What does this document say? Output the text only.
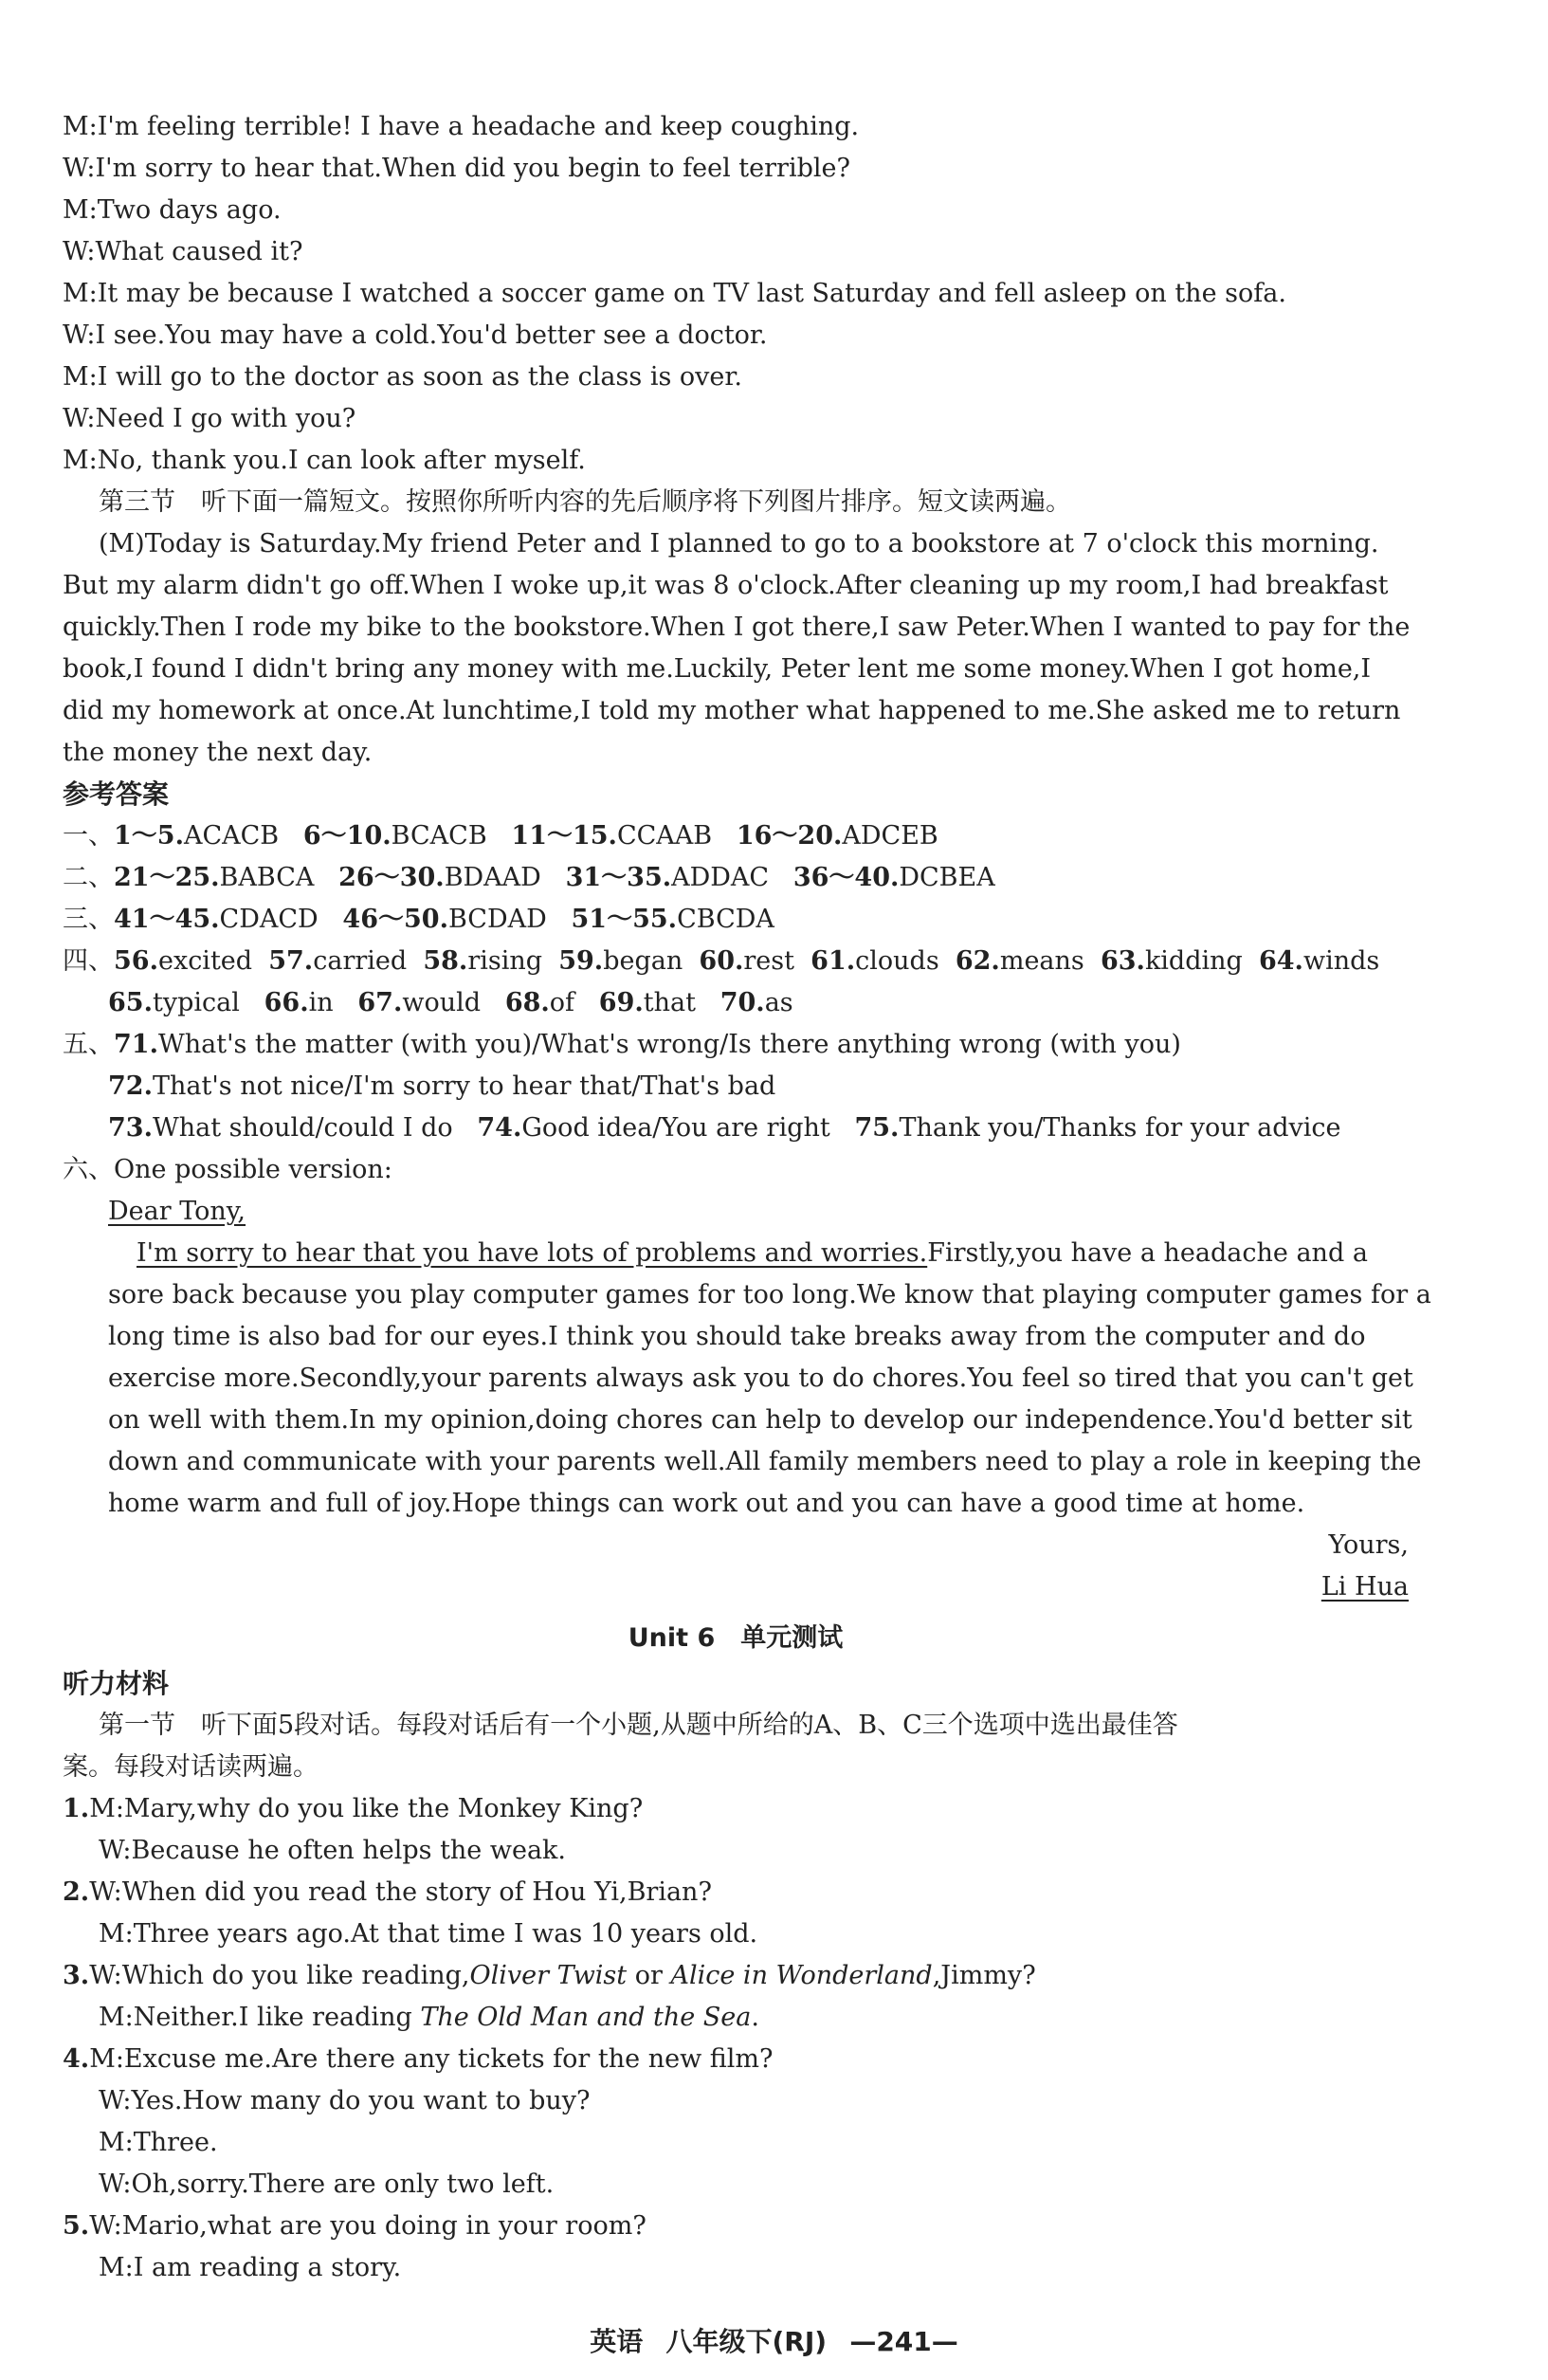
M:I'm feeling terrible! I have a headache and keep coughing.
W:I'm sorry to hear that.When did you begin to feel terrible?
M:Two days ago.
W:What caused it?
M:It may be because I watched a soccer game on TV last Saturday and fell asleep on the sofa.
W:I see.You may have a cold.You'd better see a doctor.
M:I will go to the doctor as soon as the class is over.
W:Need I go with you?
M:No, thank you.I can look after myself.
第三节　听下面一篇短文。按照你所听内容的先后顺序将下列图片排序。短文读两遍。
(M)Today is Saturday.My friend Peter and I planned to go to a bookstore at 7 o'clock this morning.
But my alarm didn't go off.When I woke up,it was 8 o'clock.After cleaning up my room,I had breakfast
quickly.Then I rode my bike to the bookstore.When I got there,I saw Peter.When I wanted to pay for the
book,I found I didn't bring any money with me.Luckily, Peter lent me some money.When I got home,I
did my homework at once.At lunchtime,I told my mother what happened to me.She asked me to return
the money the next day.
参考答案
一、1～5.ACACB 6～10.BCACB 11～15.CCAAB 16～20.ADCEB
二、21～25.BABCA 26～30.BDAAD 31～35.ADDAC 36～40.DCBEA
三、41～45.CDACD 46～50.BCDAD 51～55.CBCDA
四、56.excited 57.carried 58.rising 59.began 60.rest 61.clouds 62.means 63.kidding 64.winds
65.typical 66.in 67.would 68.of 69.that 70.as
五、71.What's the matter (with you)/What's wrong/Is there anything wrong (with you)
72.That's not nice/I'm sorry to hear that/That's bad
73.What should/could I do 74.Good idea/You are right 75.Thank you/Thanks for your advice
六、One possible version:
Dear Tony,
I'm sorry to hear that you have lots of problems and worries.Firstly,you have a headache and a
sore back because you play computer games for too long.We know that playing computer games for a
long time is also bad for our eyes.I think you should take breaks away from the computer and do
exercise more.Secondly,your parents always ask you to do chores.You feel so tired that you can't get
on well with them.In my opinion,doing chores can help to develop our independence.You'd better sit
down and communicate with your parents well.All family members need to play a role in keeping the
home warm and full of joy.Hope things can work out and you can have a good time at home.
Yours,
Li Hua
Unit 6　单元测试
听力材料
第一节　听下面5段对话。每段对话后有一个小题,从题中所给的A、B、C三个选项中选出最佳答
案。每段对话读两遍。
1.M:Mary,why do you like the Monkey King?
W:Because he often helps the weak.
2.W:When did you read the story of Hou Yi,Brian?
M:Three years ago.At that time I was 10 years old.
3.W:Which do you like reading,Oliver Twist or Alice in Wonderland,Jimmy?
M:Neither.I like reading The Old Man and the Sea.
4.M:Excuse me.Are there any tickets for the new film?
W:Yes.How many do you want to buy?
M:Three.
W:Oh,sorry.There are only two left.
5.W:Mario,what are you doing in your room?
M:I am reading a story.
英语 八年级下(RJ) —241—
